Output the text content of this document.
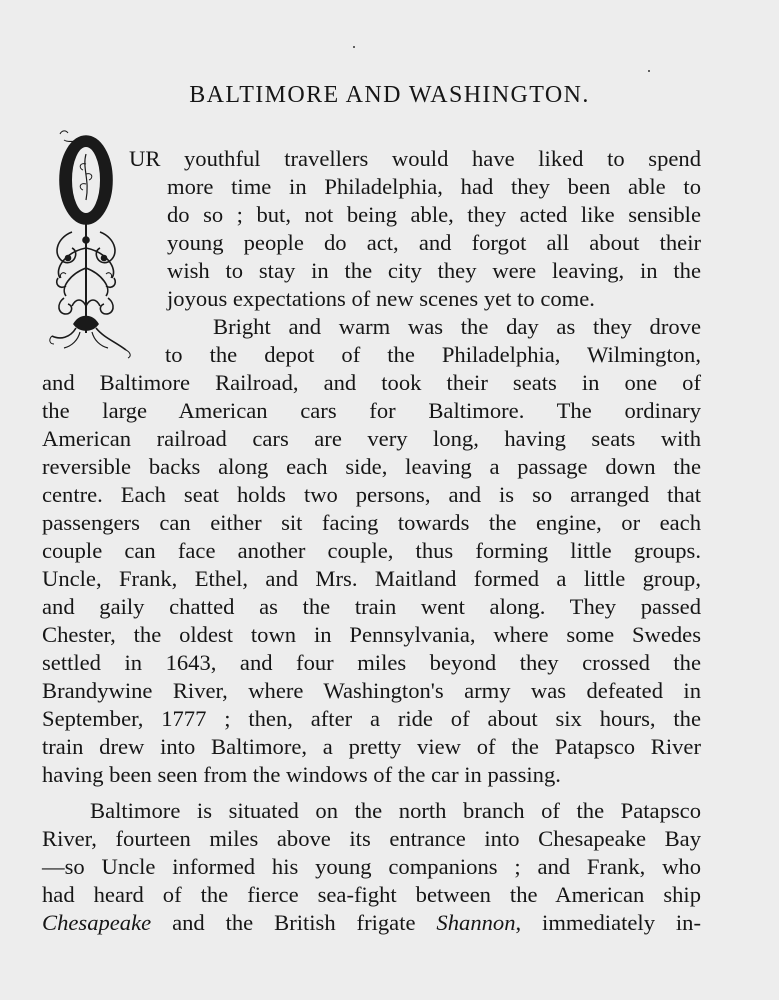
BALTIMORE AND WASHINGTON.
UR youthful travellers would have liked to spend
more time in Philadelphia, had they been able to
do so ; but, not being able, they acted like sensible
young people do act, and forgot all about their
wish to stay in the city they were leaving, in the
joyous expectations of new scenes yet to come.
Bright and warm was the day as they drove
to the depot of the Philadelphia, Wilmington,
and Baltimore Railroad, and took their seats in one of
the large American cars for Baltimore. The ordinary
American railroad cars are very long, having seats with
reversible backs along each side, leaving a passage down the
centre. Each seat holds two persons, and is so arranged that
passengers can either sit facing towards the engine, or each
couple can face another couple, thus forming little groups.
Uncle, Frank, Ethel, and Mrs. Maitland formed a little group,
and gaily chatted as the train went along. They passed
Chester, the oldest town in Pennsylvania, where some Swedes
settled in 1643, and four miles beyond they crossed the
Brandywine River, where Washington's army was defeated in
September, 1777 ; then, after a ride of about six hours, the
train drew into Baltimore, a pretty view of the Patapsco River
having been seen from the windows of the car in passing.
Baltimore is situated on the north branch of the Patapsco
River, fourteen miles above its entrance into Chesapeake Bay
—so Uncle informed his young companions ; and Frank, who
had heard of the fierce sea-fight between the American ship
Chesapeake and the British frigate Shannon, immediately in-
